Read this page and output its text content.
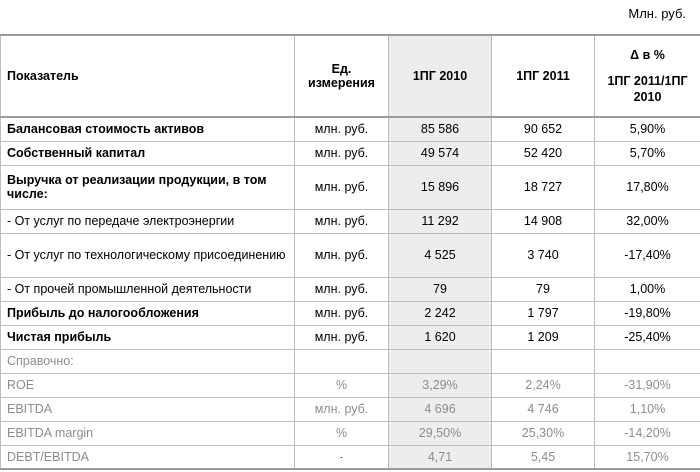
Млн. руб.
Показатель	Ед. измерения	1ПГ 2010	1ПГ 2011	Δ в %
1ПГ 2011/1ПГ 2010

Балансовая стоимость активов	млн. руб.	85 586	90 652	5,90%
Собственный капитал	млн. руб.	49 574	52 420	5,70%
Выручка от реализации продукции, в том числе:	млн. руб.	15 896	18 727	17,80%
- От услуг по передаче электроэнергии	млн. руб.	11 292	14 908	32,00%
- От услуг по технологическому присоединению	млн. руб.	4 525	3 740	-17,40%
- От прочей промышленной деятельности	млн. руб.	79	79	1,00%
Прибыль до налогообложения	млн. руб.	2 242	1 797	-19,80%
Чистая прибыль	млн. руб.	1 620	1 209	-25,40%
Справочно:				
ROE	%	3,29%	2,24%	-31,90%
EBITDA	млн. руб.	4 696	4 746	1,10%
EBITDA margin	%	29,50%	25,30%	-14,20%
DEBT/EBITDA	-	4,71	5,45	15,70%
